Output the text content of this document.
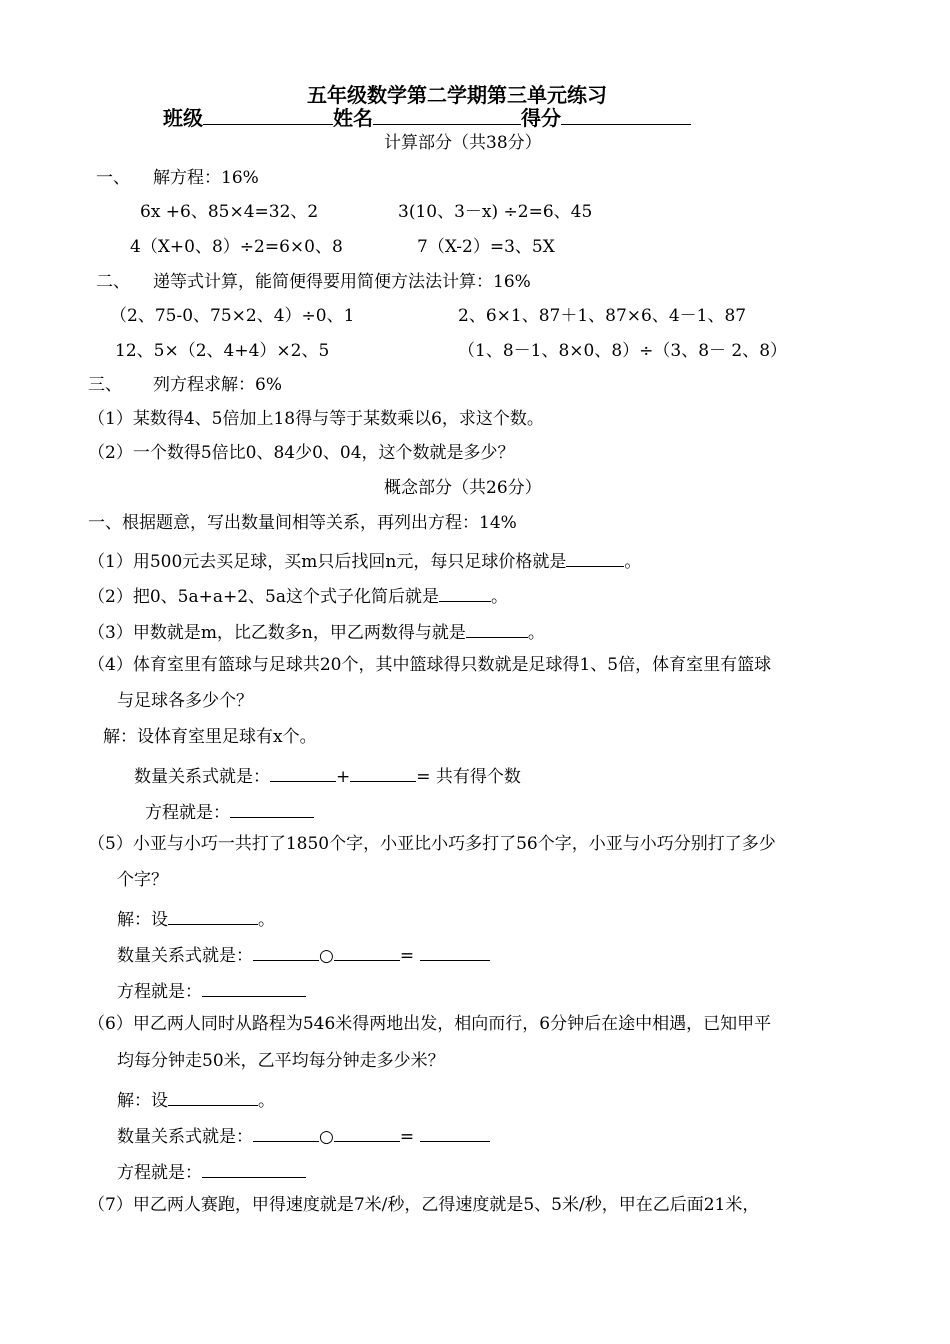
五年级数学第二学期第三单元练习
班级	姓名	得分
计算部分（共38分）
一、 解方程：16%
6x +6、85×4=32、2	3(10、3－x) ÷2=6、45
4（X+0、8）÷2=6×0、8	7（X-2）=3、5X
二、 递等式计算，能简便得要用简便方法法计算：16%
（2、75-0、75×2、4）÷0、1	2、6×1、87＋1、87×6、4－1、87
12、5×（2、4+4）×2、5	（1、8－1、8×0、8）÷（3、8－ 2、8）
三、 列方程求解：6%
（1）某数得4、5倍加上18得与等于某数乘以6，求这个数。
（2）一个数得5倍比0、84少0、04，这个数就是多少？
概念部分（共26分）
一、根据题意，写出数量间相等关系，再列出方程：14%
（1）用500元去买足球，买m只后找回n元，每只足球价格就是	。
（2）把0、5a+a+2、5a这个式子化简后就是	。
（3）甲数就是m，比乙数多n，甲乙两数得与就是	。
（4）体育室里有篮球与足球共20个，其中篮球得只数就是足球得1、5倍，体育室里有篮球
与足球各多少个？
解：设体育室里足球有x个。
数量关系式就是：	+	= 共有得个数
方程就是：
（5）小亚与小巧一共打了1850个字，小亚比小巧多打了56个字，小亚与小巧分别打了多少
个字？
解：设	。
数量关系式就是：	○	=
方程就是：
（6）甲乙两人同时从路程为546米得两地出发，相向而行，6分钟后在途中相遇，已知甲平
均每分钟走50米，乙平均每分钟走多少米？
解：设	。
数量关系式就是：	○	=
方程就是：
（7）甲乙两人赛跑，甲得速度就是7米/秒，乙得速度就是5、5米/秒，甲在乙后面21米，
